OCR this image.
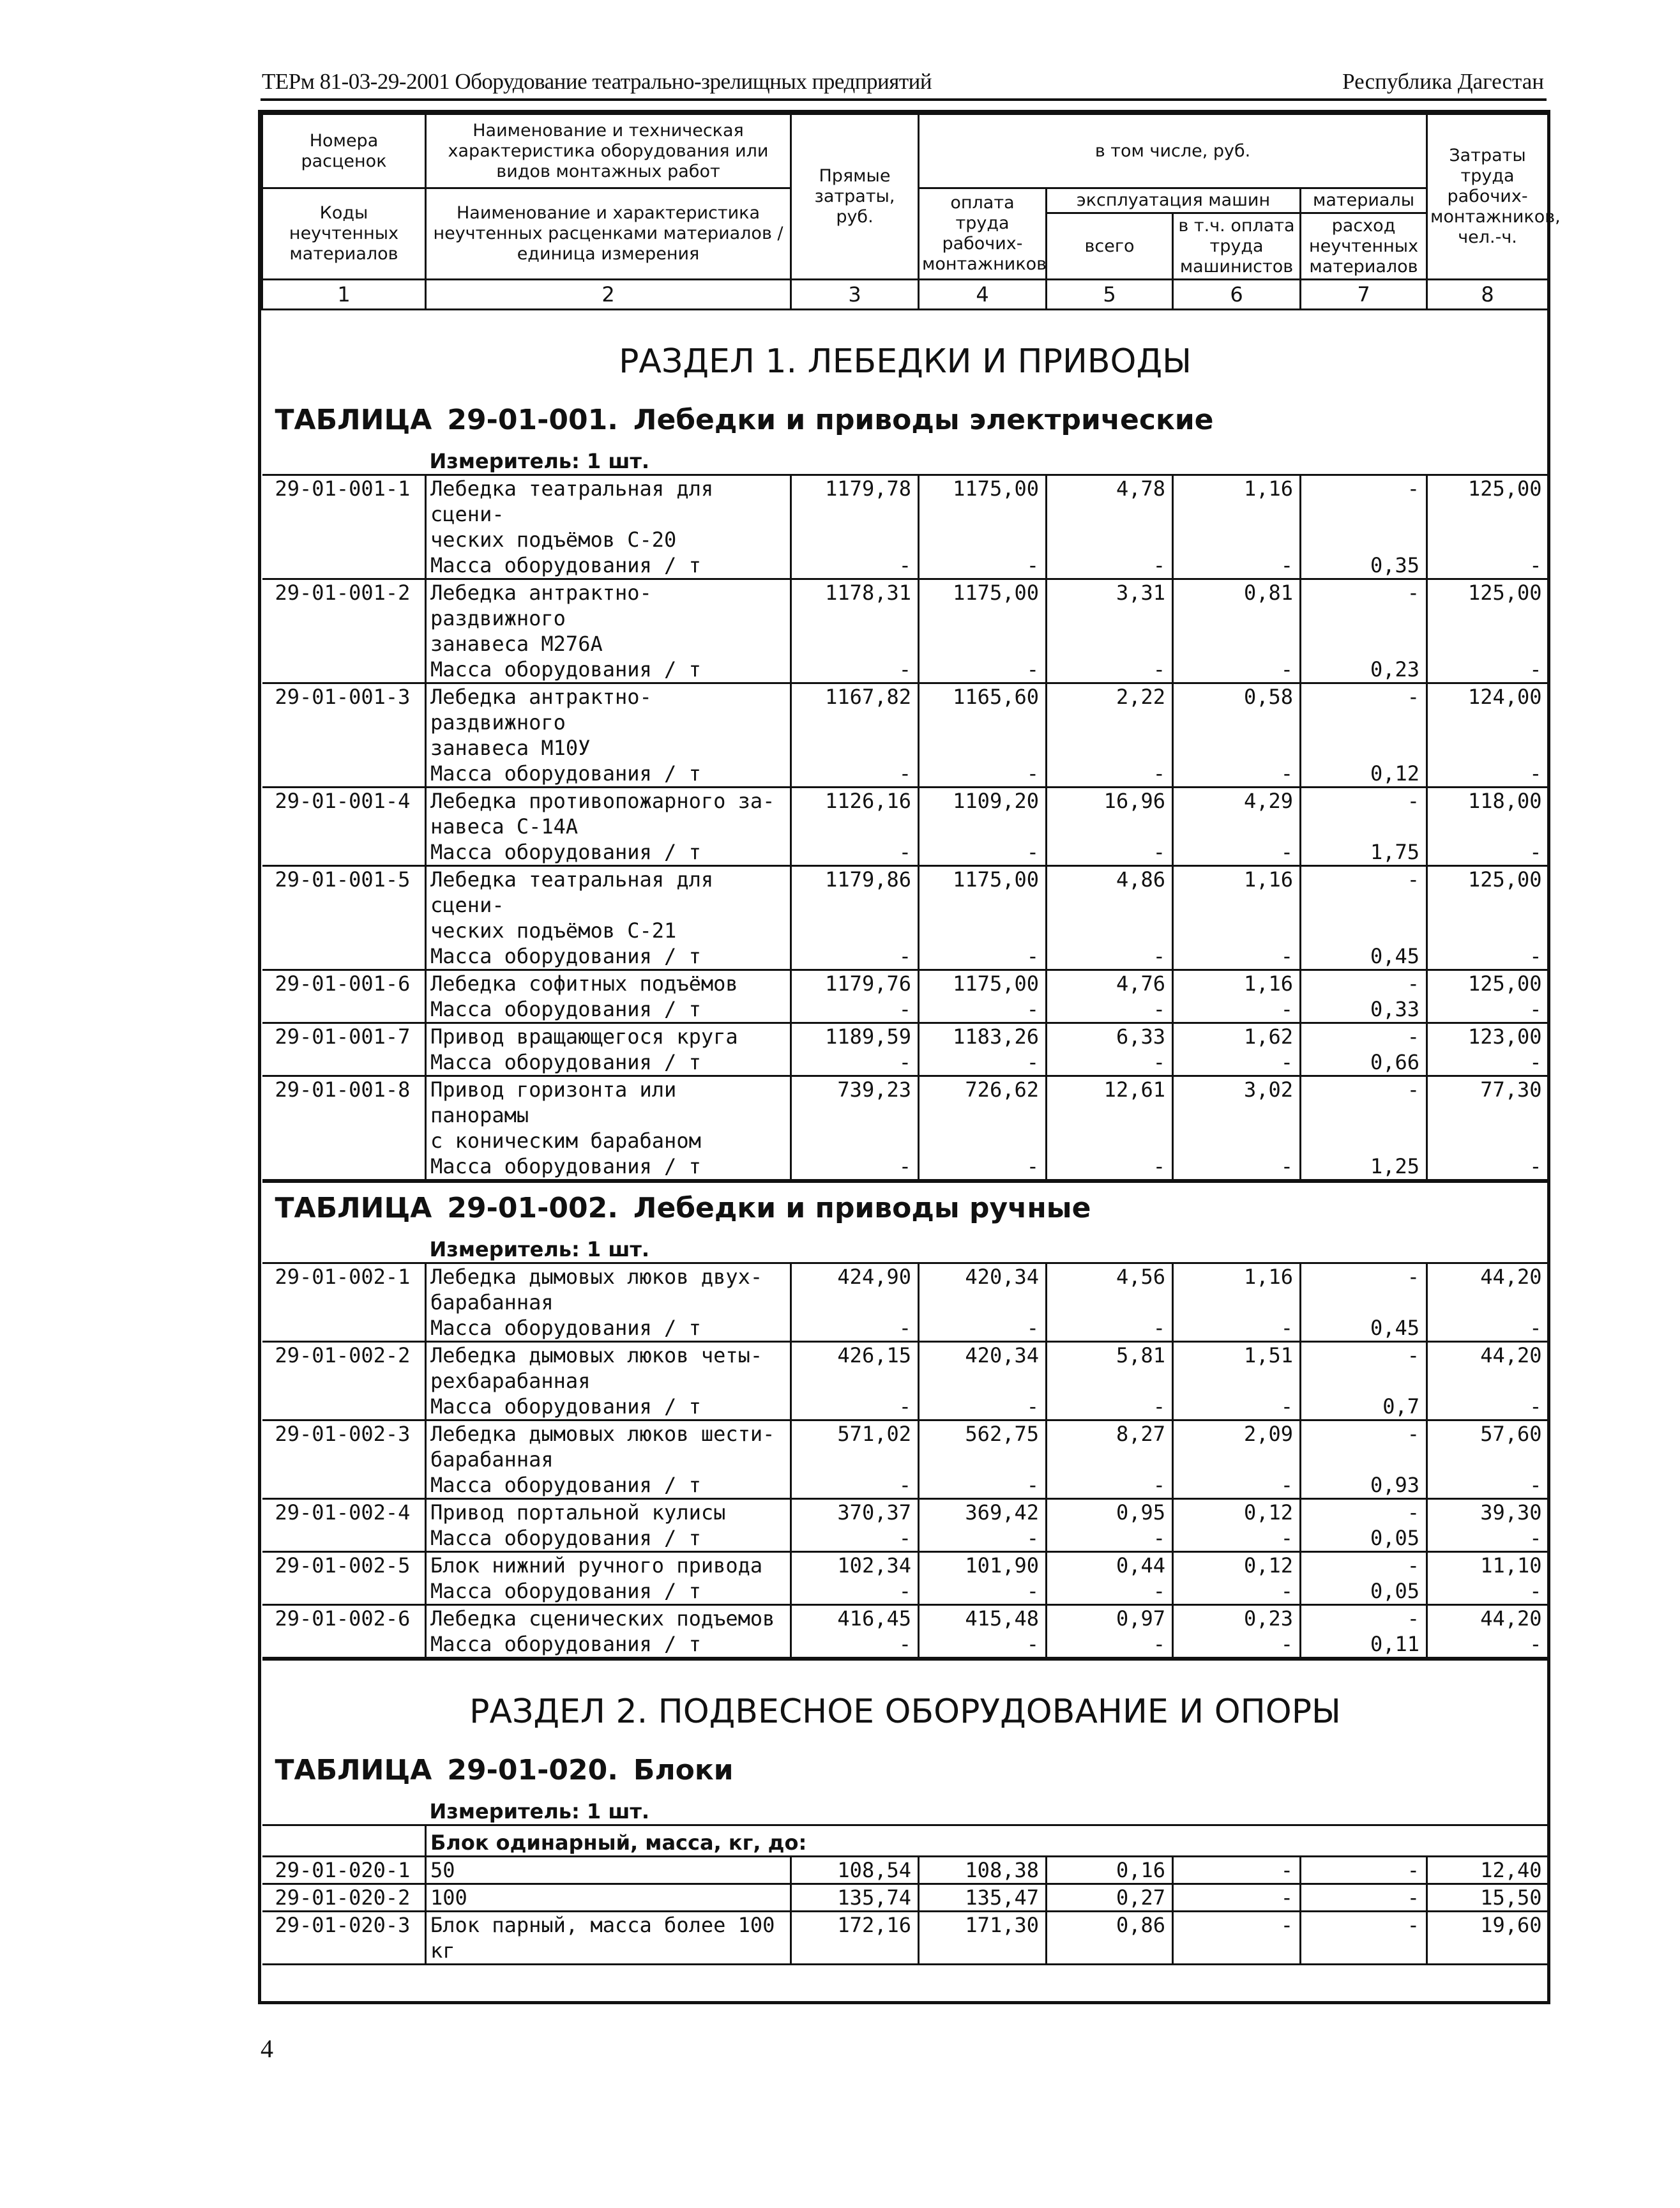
ТЕРм 81-03-29-2001 Оборудование театрально-зрелищных предприятий	Республика Дагестан
Номера расценок	Наименование и техническая характеристика оборудования или видов монтажных работ	Прямые затраты, руб.	в том числе, руб.				Затраты труда рабочих-монтажников, чел.-ч.
Коды неучтенных материалов	Наименование и характеристика неучтенных расценками материалов / единица измерения		оплата труда рабочих-монтажников	эксплуатация машин		материалы	
				всего	в т.ч. оплата труда машинистов	расход неучтенных материалов	
1	2	3	4	5	6	7	8
РАЗДЕЛ 1. ЛЕБЕДКИ И ПРИВОДЫ							
ТАБЛИЦА 29-01-001. Лебедки и приводы электрические							
	Измеритель: 1 шт.						
29-01-001-1	Лебедка театральная для сцени-
ческих подъёмов С-20	1179,78	1175,00	4,78	1,16	-	125,00
	Масса оборудования / т	-	-	-	-	0,35	-
29-01-001-2	Лебедка антрактно-раздвижного
занавеса М276А	1178,31	1175,00	3,31	0,81	-	125,00
	Масса оборудования / т	-	-	-	-	0,23	-
29-01-001-3	Лебедка антрактно-раздвижного
занавеса М10У	1167,82	1165,60	2,22	0,58	-	124,00
	Масса оборудования / т	-	-	-	-	0,12	-
29-01-001-4	Лебедка противопожарного за-
навеса С-14А	1126,16	1109,20	16,96	4,29	-	118,00
	Масса оборудования / т	-	-	-	-	1,75	-
29-01-001-5	Лебедка театральная для сцени-
ческих подъёмов С-21	1179,86	1175,00	4,86	1,16	-	125,00
	Масса оборудования / т	-	-	-	-	0,45	-
29-01-001-6	Лебедка софитных подъёмов	1179,76	1175,00	4,76	1,16	-	125,00
	Масса оборудования / т	-	-	-	-	0,33	-
29-01-001-7	Привод вращающегося круга	1189,59	1183,26	6,33	1,62	-	123,00
	Масса оборудования / т	-	-	-	-	0,66	-
29-01-001-8	Привод горизонта или панорамы
с коническим барабаном	739,23	726,62	12,61	3,02	-	77,30
	Масса оборудования / т	-	-	-	-	1,25	-

ТАБЛИЦА 29-01-002. Лебедки и приводы ручные							
	Измеритель: 1 шт.						
29-01-002-1	Лебедка дымовых люков двух-
барабанная	424,90	420,34	4,56	1,16	-	44,20
	Масса оборудования / т	-	-	-	-	0,45	-
29-01-002-2	Лебедка дымовых люков четы-
рехбарабанная	426,15	420,34	5,81	1,51	-	44,20
	Масса оборудования / т	-	-	-	-	0,7	-
29-01-002-3	Лебедка дымовых люков шести-
барабанная	571,02	562,75	8,27	2,09	-	57,60
	Масса оборудования / т	-	-	-	-	0,93	-
29-01-002-4	Привод портальной кулисы	370,37	369,42	0,95	0,12	-	39,30
	Масса оборудования / т	-	-	-	-	0,05	-
29-01-002-5	Блок нижний ручного привода	102,34	101,90	0,44	0,12	-	11,10
	Масса оборудования / т	-	-	-	-	0,05	-
29-01-002-6	Лебедка сценических подъемов	416,45	415,48	0,97	0,23	-	44,20
	Масса оборудования / т	-	-	-	-	0,11	-

РАЗДЕЛ 2. ПОДВЕСНОЕ ОБОРУДОВАНИЕ И ОПОРЫ							
ТАБЛИЦА 29-01-020. Блоки							
	Измеритель: 1 шт.						
	Блок одинарный, масса, кг, до:						
29-01-020-1	50	108,54	108,38	0,16	-	-	12,40
29-01-020-2	100	135,74	135,47	0,27	-	-	15,50
29-01-020-3	Блок парный, масса более 100
кг	172,16	171,30	0,86	-	-	19,60

4
